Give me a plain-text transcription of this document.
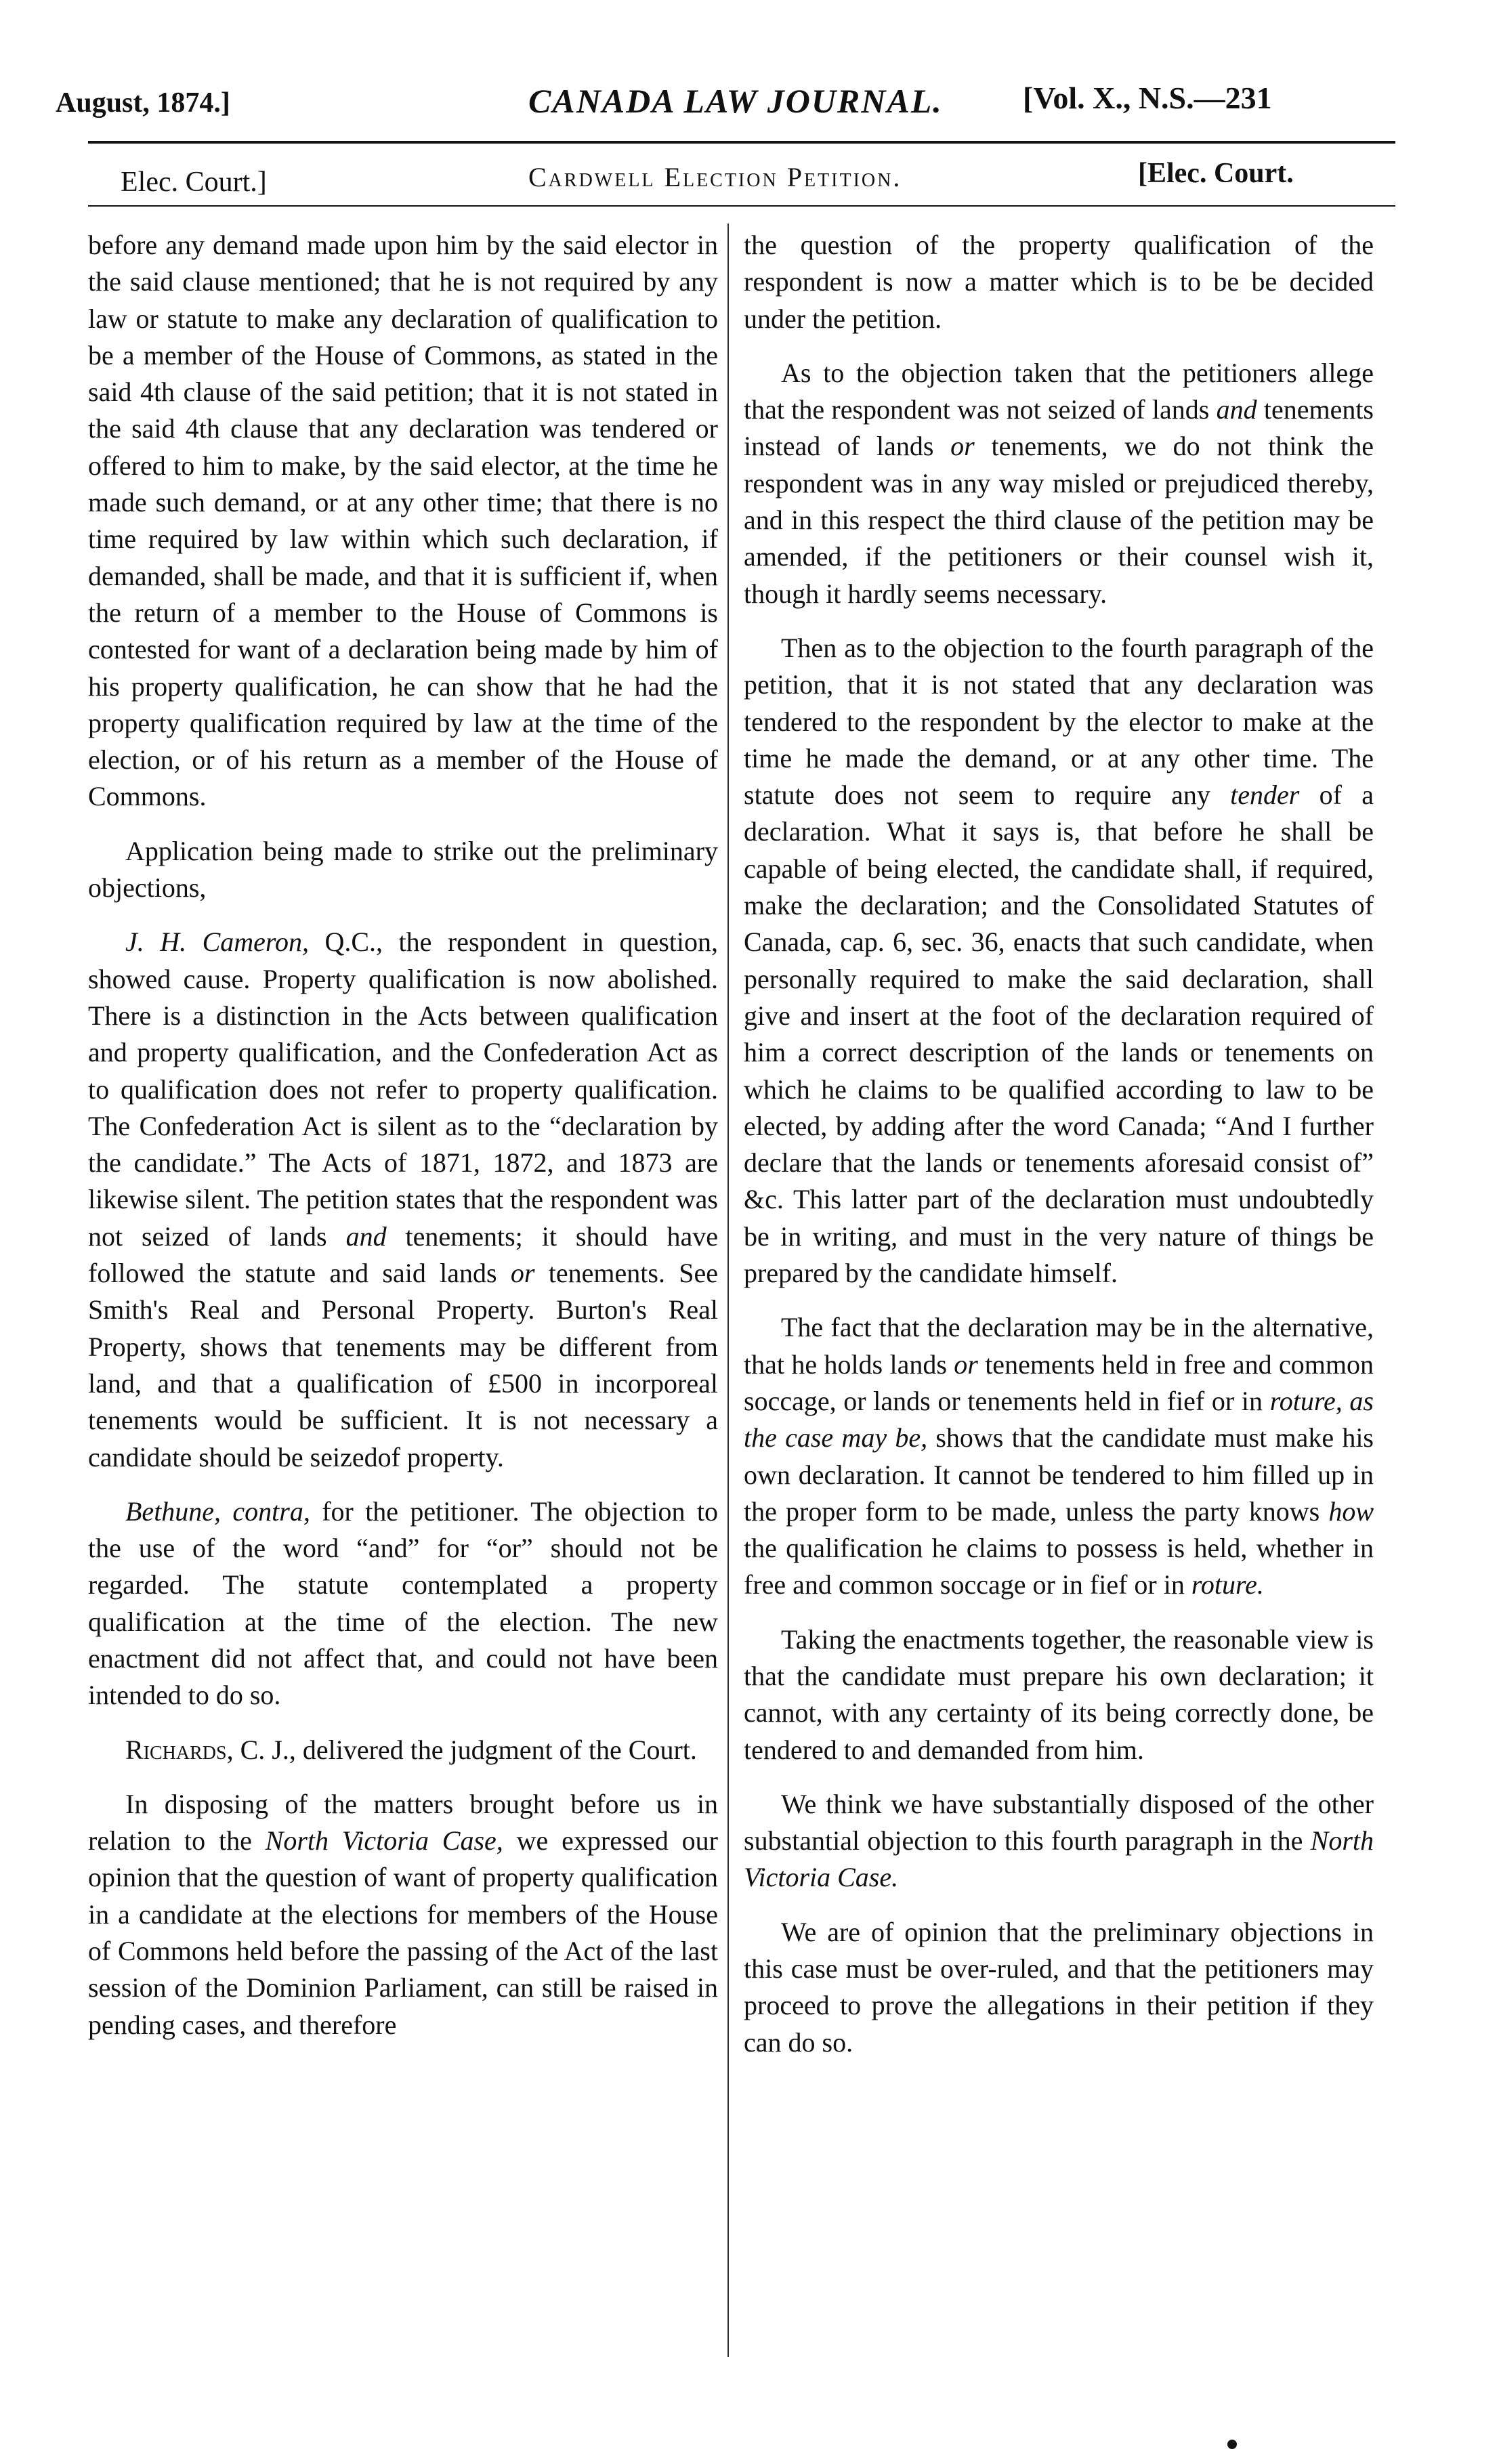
August, 1874.]	CANADA LAW JOURNAL.	[Vol. X., N.S.—231
Elec. Court.]	Cardwell Election Petition.	[Elec. Court.

before any demand made upon him by the said elector in the said clause mentioned; that he is not required by any law or statute to make any declaration of qualification to be a member of the House of Commons, as stated in the said 4th clause of the said petition; that it is not stated in the said 4th clause that any declaration was tendered or offered to him to make, by the said elector, at the time he made such demand, or at any other time; that there is no time required by law within which such declaration, if demanded, shall be made, and that it is sufficient if, when the return of a member to the House of Commons is contested for want of a declaration being made by him of his property qualification, he can show that he had the property qualification required by law at the time of the election, or of his return as a member of the House of Commons.

Application being made to strike out the preliminary objections,

J. H. Cameron, Q.C., the respondent in question, showed cause. Property qualification is now abolished. There is a distinction in the Acts between qualification and property qualification, and the Confederation Act as to qualification does not refer to property qualification. The Confederation Act is silent as to the “declaration by the candidate.” The Acts of 1871, 1872, and 1873 are likewise silent. The petition states that the respondent was not seized of lands and tenements; it should have followed the statute and said lands or tenements. See Smith's Real and Personal Property. Burton's Real Property, shows that tenements may be different from land, and that a qualification of £500 in incorporeal tenements would be sufficient. It is not necessary a candidate should be seizedof property.

Bethune, contra, for the petitioner. The objection to the use of the word “and” for “or” should not be regarded. The statute contemplated a property qualification at the time of the election. The new enactment did not affect that, and could not have been intended to do so.

Richards, C. J., delivered the judgment of the Court.

In disposing of the matters brought before us in relation to the North Victoria Case, we expressed our opinion that the question of want of property qualification in a candidate at the elections for members of the House of Commons held before the passing of the Act of the last session of the Dominion Parliament, can still be raised in pending cases, and therefore

the question of the property qualification of the respondent is now a matter which is to be be decided under the petition.

As to the objection taken that the petitioners allege that the respondent was not seized of lands and tenements instead of lands or tenements, we do not think the respondent was in any way misled or prejudiced thereby, and in this respect the third clause of the petition may be amended, if the petitioners or their counsel wish it, though it hardly seems necessary.

Then as to the objection to the fourth paragraph of the petition, that it is not stated that any declaration was tendered to the respondent by the elector to make at the time he made the demand, or at any other time. The statute does not seem to require any tender of a declaration. What it says is, that before he shall be capable of being elected, the candidate shall, if required, make the declaration; and the Consolidated Statutes of Canada, cap. 6, sec. 36, enacts that such candidate, when personally required to make the said declaration, shall give and insert at the foot of the declaration required of him a correct description of the lands or tenements on which he claims to be qualified according to law to be elected, by adding after the word Canada; “And I further declare that the lands or tenements aforesaid consist of” &c. This latter part of the declaration must undoubtedly be in writing, and must in the very nature of things be prepared by the candidate himself.

The fact that the declaration may be in the alternative, that he holds lands or tenements held in free and common soccage, or lands or tenements held in fief or in roture, as the case may be, shows that the candidate must make his own declaration. It cannot be tendered to him filled up in the proper form to be made, unless the party knows how the qualification he claims to possess is held, whether in free and common soccage or in fief or in roture.

Taking the enactments together, the reasonable view is that the candidate must prepare his own declaration; it cannot, with any certainty of its being correctly done, be tendered to and demanded from him.

We think we have substantially disposed of the other substantial objection to this fourth paragraph in the North Victoria Case.

We are of opinion that the preliminary objections in this case must be over-ruled, and that the petitioners may proceed to prove the allegations in their petition if they can do so.
